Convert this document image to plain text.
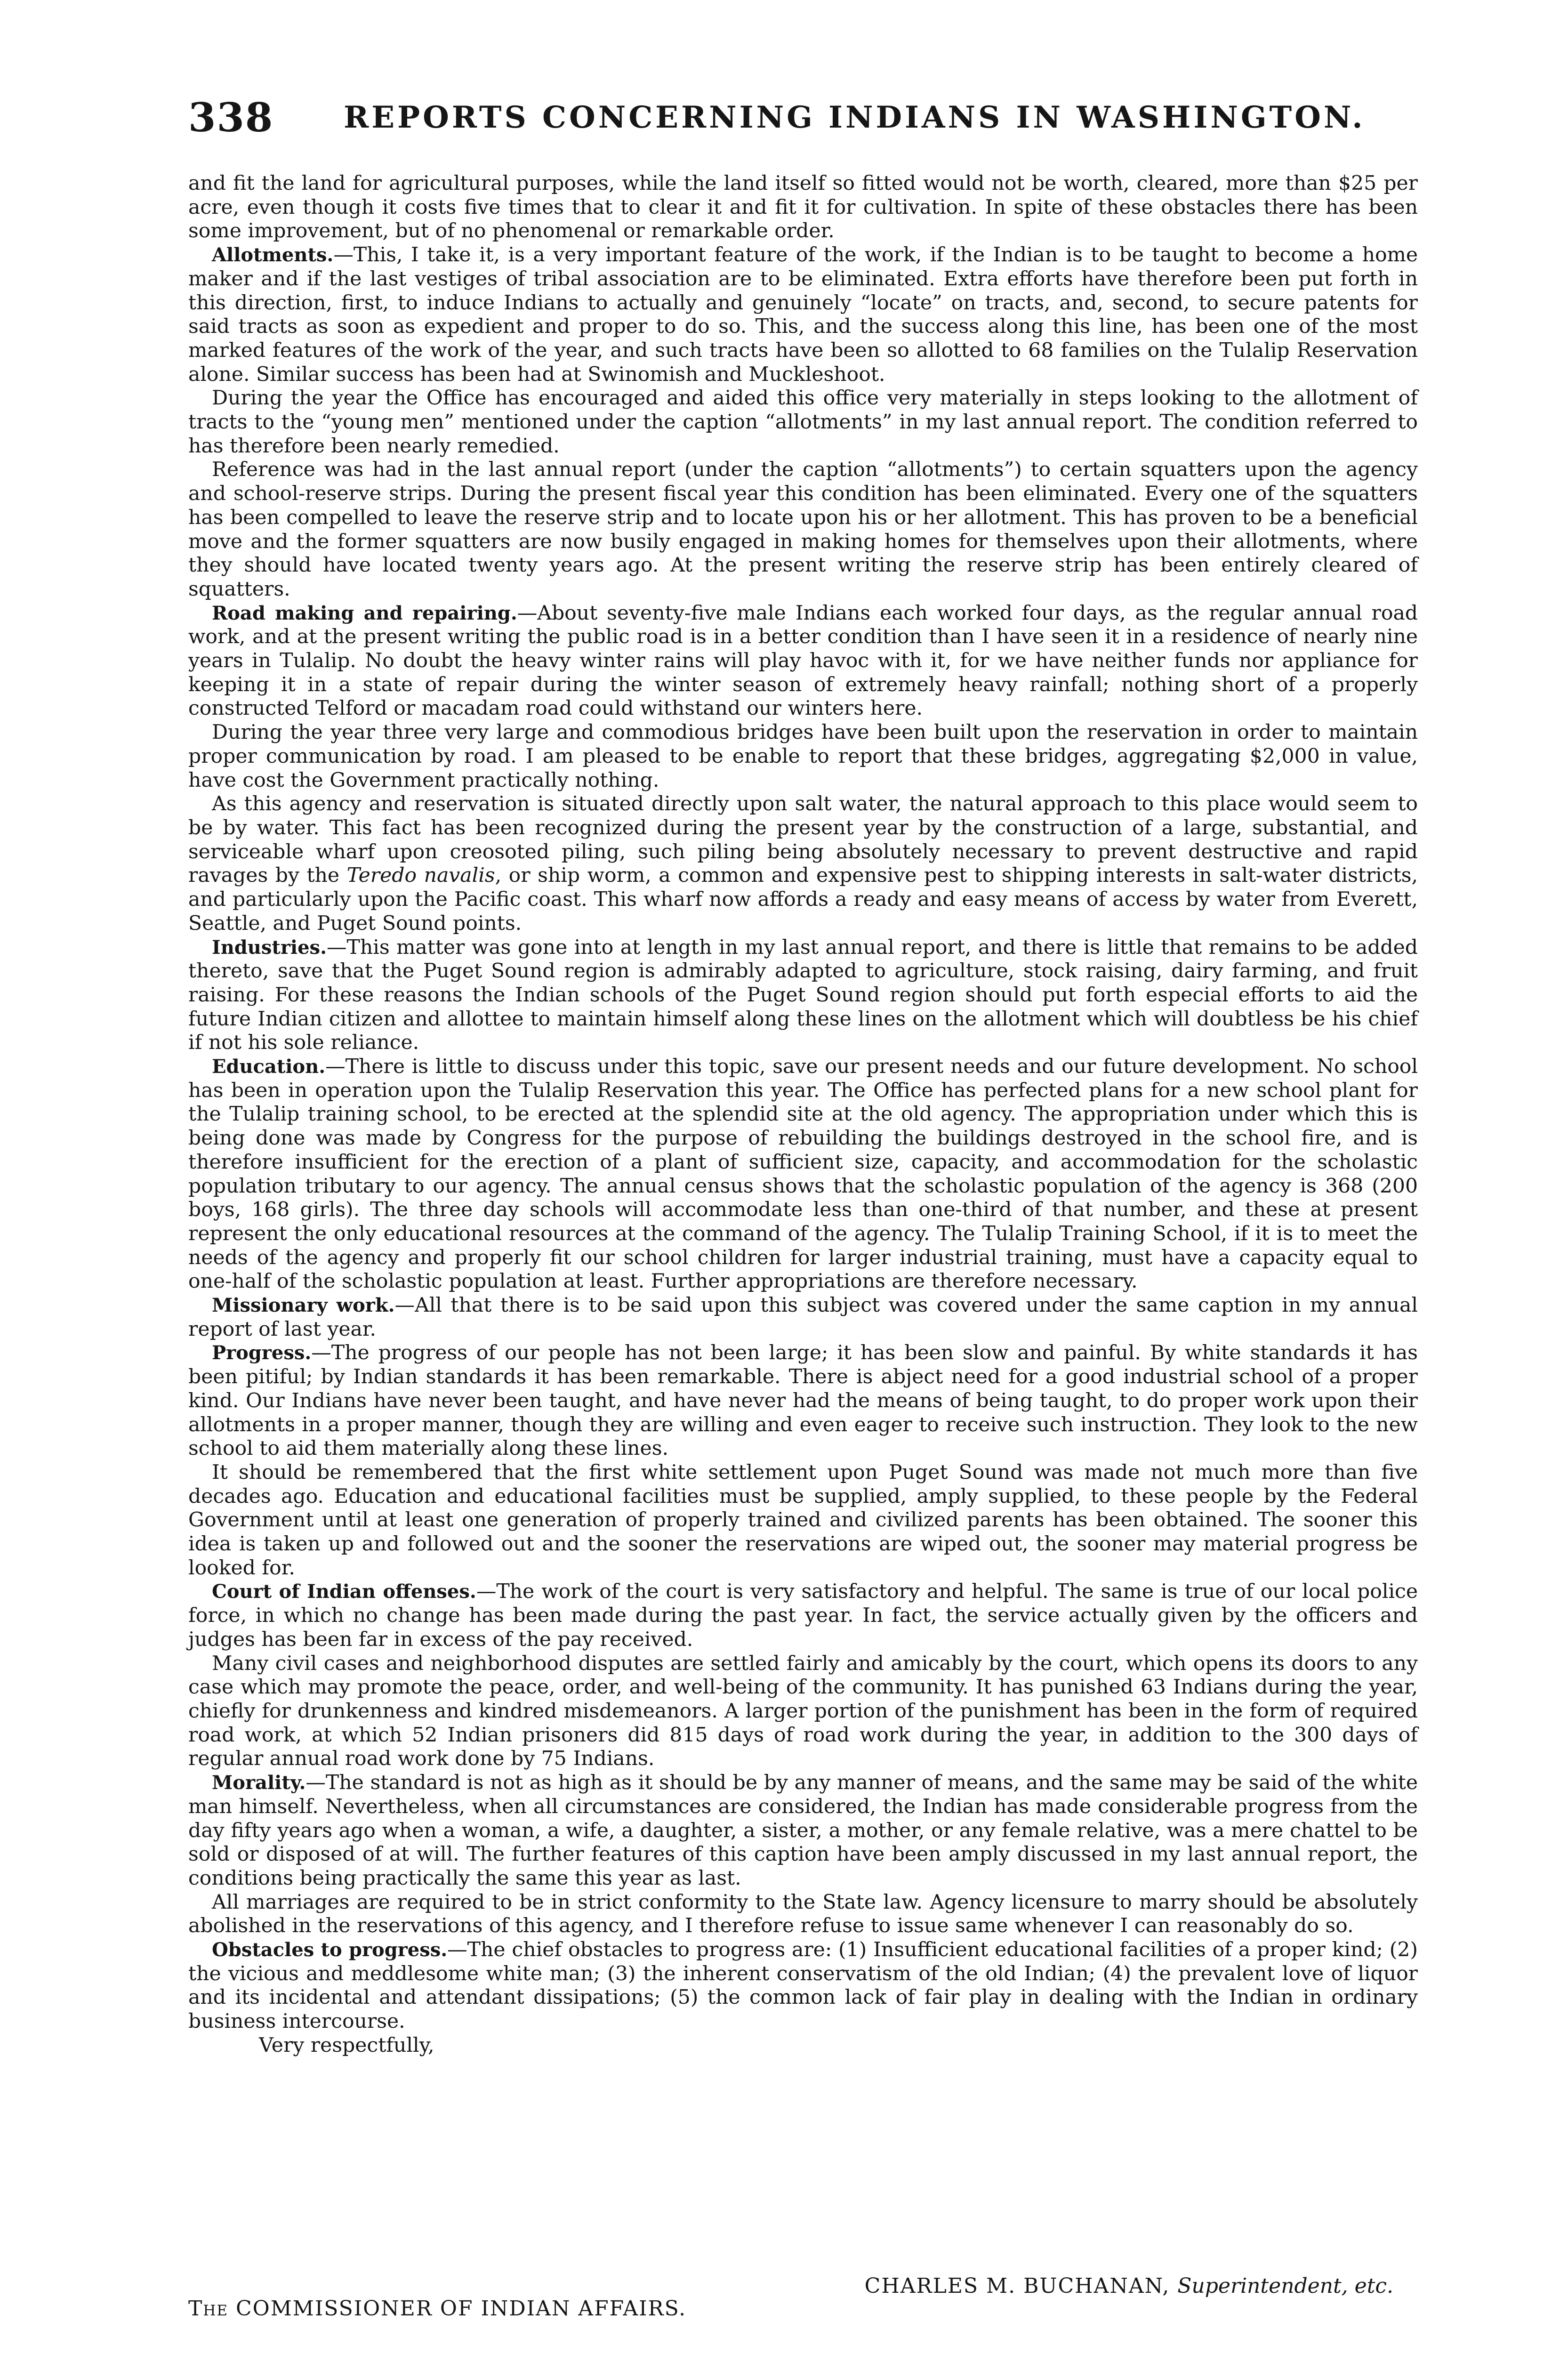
338 REPORTS CONCERNING INDIANS IN WASHINGTON.

and fit the land for agricultural purposes, while the land itself so fitted would not be worth, cleared, more than $25 per acre, even though it costs five times that to clear it and fit it for cultivation. In spite of these obstacles there has been some improvement, but of no phenomenal or remarkable order.

Allotments.—This, I take it, is a very important feature of the work, if the Indian is to be taught to become a home maker and if the last vestiges of tribal association are to be eliminated. Extra efforts have therefore been put forth in this direction, first, to induce Indians to actually and genuinely “locate” on tracts, and, second, to secure patents for said tracts as soon as expedient and proper to do so. This, and the success along this line, has been one of the most marked features of the work of the year, and such tracts have been so allotted to 68 families on the Tulalip Reservation alone. Similar success has been had at Swinomish and Muckleshoot.

During the year the Office has encouraged and aided this office very materially in steps looking to the allotment of tracts to the “young men” mentioned under the caption “allotments” in my last annual report. The condition referred to has therefore been nearly remedied.

Reference was had in the last annual report (under the caption “allotments”) to certain squatters upon the agency and school-reserve strips. During the present fiscal year this condition has been eliminated. Every one of the squatters has been compelled to leave the reserve strip and to locate upon his or her allotment. This has proven to be a beneficial move and the former squatters are now busily engaged in making homes for themselves upon their allotments, where they should have located twenty years ago. At the present writing the reserve strip has been entirely cleared of squatters.

Road making and repairing.—About seventy-five male Indians each worked four days, as the regular annual road work, and at the present writing the public road is in a better condition than I have seen it in a residence of nearly nine years in Tulalip. No doubt the heavy winter rains will play havoc with it, for we have neither funds nor appliance for keeping it in a state of repair during the winter season of extremely heavy rainfall; nothing short of a properly constructed Telford or macadam road could withstand our winters here.

During the year three very large and commodious bridges have been built upon the reservation in order to maintain proper communication by road. I am pleased to be enable to report that these bridges, aggregating $2,000 in value, have cost the Government practically nothing.

As this agency and reservation is situated directly upon salt water, the natural approach to this place would seem to be by water. This fact has been recognized during the present year by the construction of a large, substantial, and serviceable wharf upon creosoted piling, such piling being absolutely necessary to prevent destructive and rapid ravages by the Teredo navalis, or ship worm, a common and expensive pest to shipping interests in salt-water districts, and particularly upon the Pacific coast. This wharf now affords a ready and easy means of access by water from Everett, Seattle, and Puget Sound points.

Industries.—This matter was gone into at length in my last annual report, and there is little that remains to be added thereto, save that the Puget Sound region is admirably adapted to agriculture, stock raising, dairy farming, and fruit raising. For these reasons the Indian schools of the Puget Sound region should put forth especial efforts to aid the future Indian citizen and allottee to maintain himself along these lines on the allotment which will doubtless be his chief if not his sole reliance.

Education.—There is little to discuss under this topic, save our present needs and our future development. No school has been in operation upon the Tulalip Reservation this year. The Office has perfected plans for a new school plant for the Tulalip training school, to be erected at the splendid site at the old agency. The appropriation under which this is being done was made by Congress for the purpose of rebuilding the buildings destroyed in the school fire, and is therefore insufficient for the erection of a plant of sufficient size, capacity, and accommodation for the scholastic population tributary to our agency. The annual census shows that the scholastic population of the agency is 368 (200 boys, 168 girls). The three day schools will accommodate less than one-third of that number, and these at present represent the only educational resources at the command of the agency. The Tulalip Training School, if it is to meet the needs of the agency and properly fit our school children for larger industrial training, must have a capacity equal to one-half of the scholastic population at least. Further appropriations are therefore necessary.

Missionary work.—All that there is to be said upon this subject was covered under the same caption in my annual report of last year.

Progress.—The progress of our people has not been large; it has been slow and painful. By white standards it has been pitiful; by Indian standards it has been remarkable. There is abject need for a good industrial school of a proper kind. Our Indians have never been taught, and have never had the means of being taught, to do proper work upon their allotments in a proper manner, though they are willing and even eager to receive such instruction. They look to the new school to aid them materially along these lines.

It should be remembered that the first white settlement upon Puget Sound was made not much more than five decades ago. Education and educational facilities must be supplied, amply supplied, to these people by the Federal Government until at least one generation of properly trained and civilized parents has been obtained. The sooner this idea is taken up and followed out and the sooner the reservations are wiped out, the sooner may material progress be looked for.

Court of Indian offenses.—The work of the court is very satisfactory and helpful. The same is true of our local police force, in which no change has been made during the past year. In fact, the service actually given by the officers and judges has been far in excess of the pay received.

Many civil cases and neighborhood disputes are settled fairly and amicably by the court, which opens its doors to any case which may promote the peace, order, and well-being of the community. It has punished 63 Indians during the year, chiefly for drunkenness and kindred misdemeanors. A larger portion of the punishment has been in the form of required road work, at which 52 Indian prisoners did 815 days of road work during the year, in addition to the 300 days of regular annual road work done by 75 Indians.

Morality.—The standard is not as high as it should be by any manner of means, and the same may be said of the white man himself. Nevertheless, when all circumstances are considered, the Indian has made considerable progress from the day fifty years ago when a woman, a wife, a daughter, a sister, a mother, or any female relative, was a mere chattel to be sold or disposed of at will. The further features of this caption have been amply discussed in my last annual report, the conditions being practically the same this year as last.

All marriages are required to be in strict conformity to the State law. Agency licensure to marry should be absolutely abolished in the reservations of this agency, and I therefore refuse to issue same whenever I can reasonably do so.

Obstacles to progress.—The chief obstacles to progress are: (1) Insufficient educational facilities of a proper kind; (2) the vicious and meddlesome white man; (3) the inherent conservatism of the old Indian; (4) the prevalent love of liquor and its incidental and attendant dissipations; (5) the common lack of fair play in dealing with the Indian in ordinary business intercourse.

Very respectfully,

The COMMISSIONER OF INDIAN AFFAIRS.
CHARLES M. BUCHANAN, Superintendent, etc.
